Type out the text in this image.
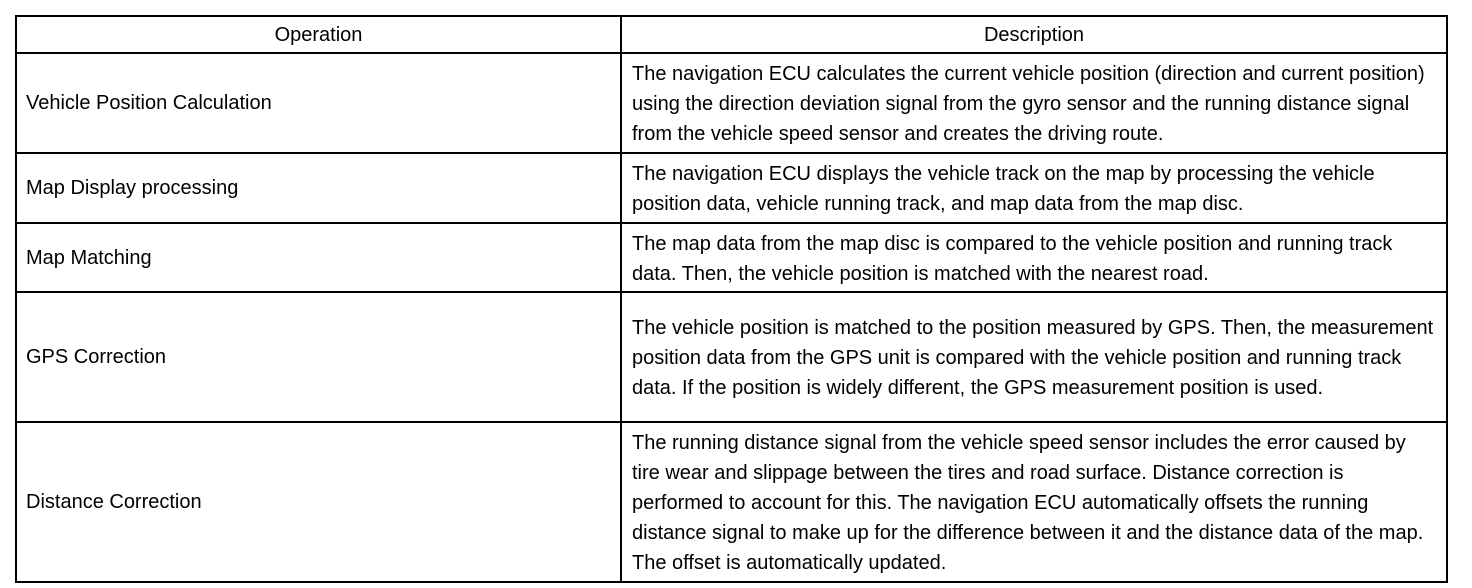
Operation	Description
Vehicle Position Calculation	The navigation ECU calculates the current vehicle position (direction and current position) using the direction deviation signal from the gyro sensor and the running distance signal from the vehicle speed sensor and creates the driving route.
Map Display processing	The navigation ECU displays the vehicle track on the map by processing the vehicle position data, vehicle running track, and map data from the map disc.
Map Matching	The map data from the map disc is compared to the vehicle position and running track data. Then, the vehicle position is matched with the nearest road.
GPS Correction	The vehicle position is matched to the position measured by GPS. Then, the measurement position data from the GPS unit is compared with the vehicle position and running track data. If the position is widely different, the GPS measurement position is used.
Distance Correction	The running distance signal from the vehicle speed sensor includes the error caused by tire wear and slippage between the tires and road surface. Distance correction is performed to account for this. The navigation ECU automatically offsets the running distance signal to make up for the difference between it and the distance data of the map. The offset is automatically updated.
